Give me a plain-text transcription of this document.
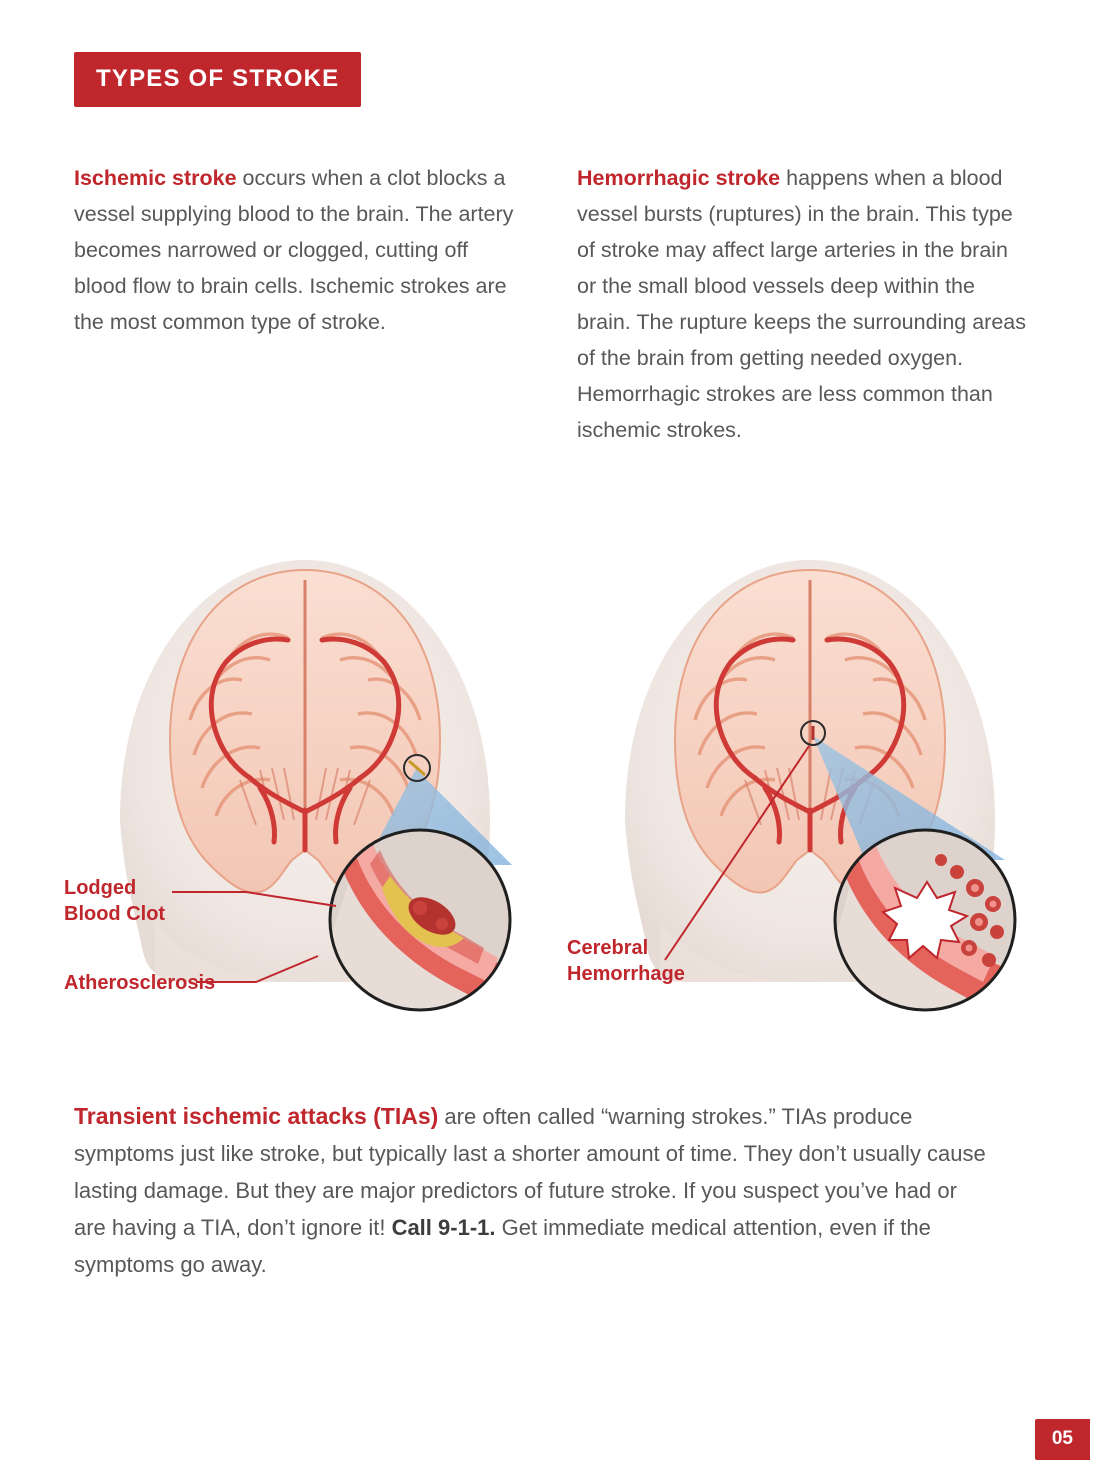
TYPES OF STROKE
Ischemic stroke occurs when a clot blocks a vessel supplying blood to the brain. The artery becomes narrowed or clogged, cutting off blood flow to brain cells. Ischemic strokes are the most common type of stroke.
Hemorrhagic stroke happens when a blood vessel bursts (ruptures) in the brain. This type of stroke may affect large arteries in the brain or the small blood vessels deep within the brain. The rupture keeps the surrounding areas of the brain from getting needed oxygen. Hemorrhagic strokes are less common than ischemic strokes.
Lodged
Blood Clot
Atherosclerosis
Cerebral
Hemorrhage
Transient ischemic attacks (TIAs) are often called “warning strokes.” TIAs produce symptoms just like stroke, but typically last a shorter amount of time. They don’t usually cause lasting damage. But they are major predictors of future stroke. If you suspect you’ve had or are having a TIA, don’t ignore it! Call 9-1-1. Get immediate medical attention, even if the symptoms go away.
05
